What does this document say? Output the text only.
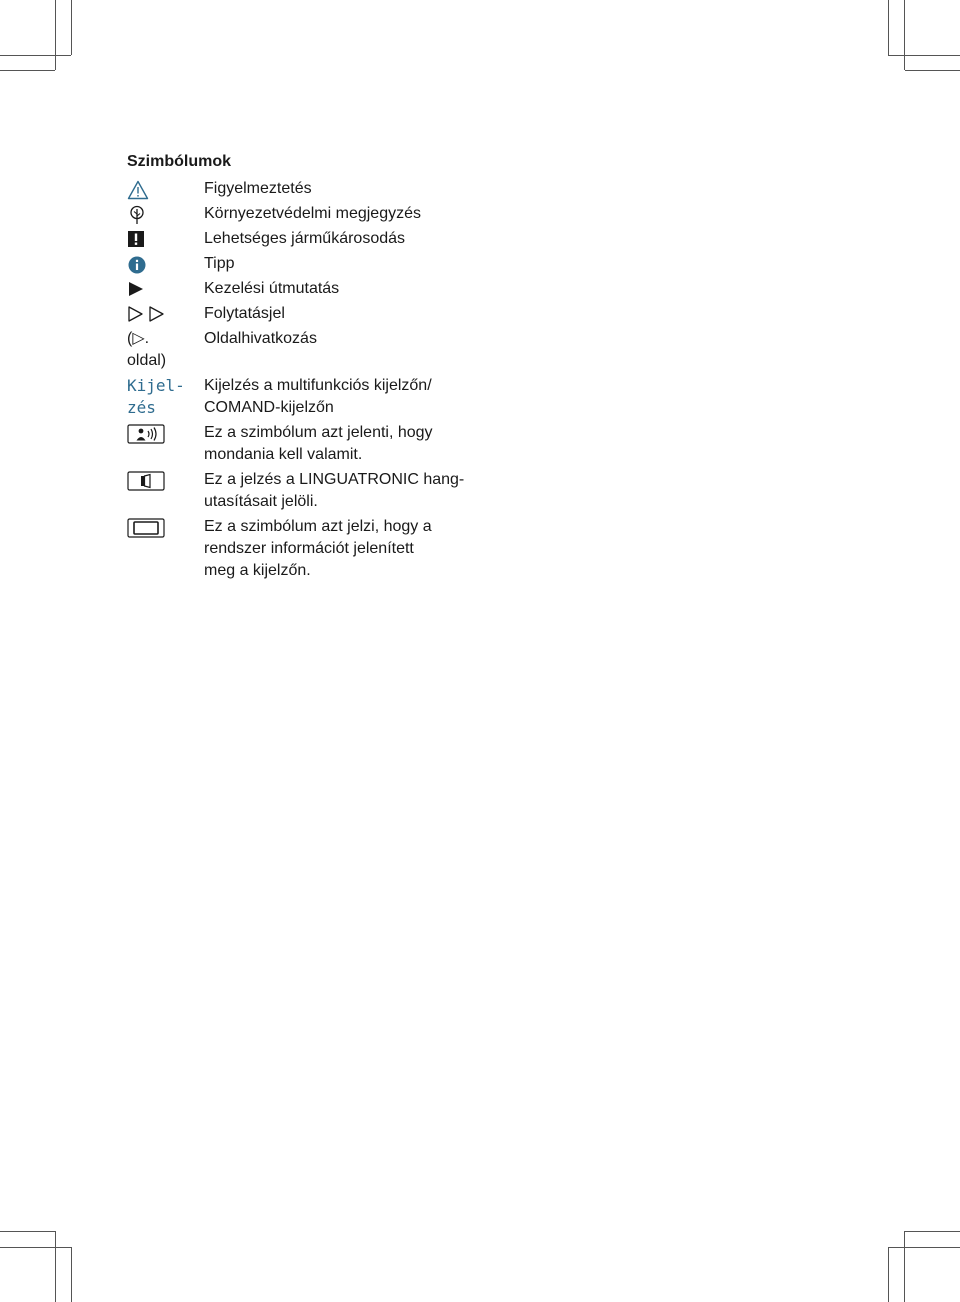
Szimbólumok
Figyelmeztetés
Környezetvédelmi megjegyzés
Lehetséges járműkárosodás
Tipp
Kezelési útmutatás
Folytatásjel
(▷.
oldal)
Oldalhivatkozás
Kijel-
zés
Kijelzés a multifunkciós kijelzőn/
COMAND-kijelzőn
Ez a szimbólum azt jelenti, hogy
mondania kell valamit.
Ez a jelzés a LINGUATRONIC hang-
utasításait jelöli.
Ez a szimbólum azt jelzi, hogy a
rendszer információt jelenített
meg a kijelzőn.
